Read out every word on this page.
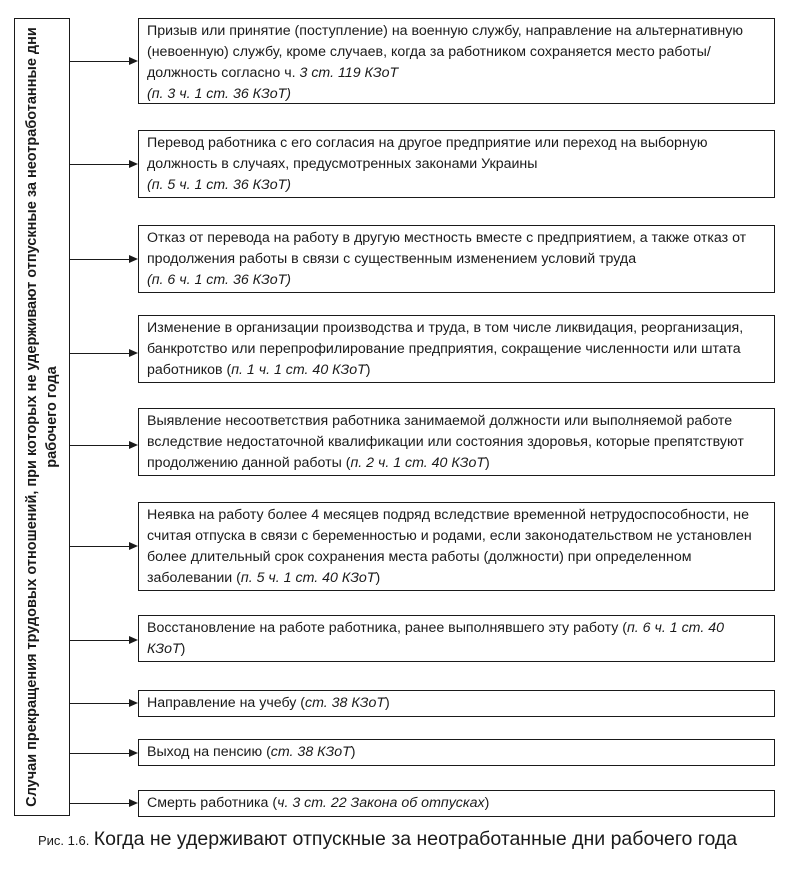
Случаи прекращения трудовых отношений, при которых не удерживают отпускные за неотработанные дни рабочего года
Призыв или принятие (поступление) на военную службу, направление на альтернативную (невоенную) службу, кроме случаев, когда за работником сохраняется место работы/должность согласно ч. 3 ст. 119 КЗоТ
(п. 3 ч. 1 ст. 36 КЗоТ)
Перевод работника с его согласия на другое предприятие или переход на выборную должность в случаях, предусмотренных законами Украины
(п. 5 ч. 1 ст. 36 КЗоТ)
Отказ от перевода на работу в другую местность вместе с предприятием, а также отказ от продолжения работы в связи с существенным изменением условий труда
(п. 6 ч. 1 ст. 36 КЗоТ)
Изменение в организации производства и труда, в том числе ликвидация, реорганизация, банкротство или перепрофилирование предприятия, сокращение численности или штата работников (п. 1 ч. 1 ст. 40 КЗоТ)
Выявление несоответствия работника занимаемой должности или выполняемой работе вследствие недостаточной квалификации или состояния здоровья, которые препятствуют продолжению данной работы (п. 2 ч. 1 ст. 40 КЗоТ)
Неявка на работу более 4 месяцев подряд вследствие временной нетрудоспособности, не считая отпуска в связи с беременностью и родами, если законодательством не установлен более длительный срок сохранения места работы (должности) при определенном заболевании (п. 5 ч. 1 ст. 40 КЗоТ)
Восстановление на работе работника, ранее выполнявшего эту работу (п. 6 ч. 1 ст. 40 КЗоТ)
Направление на учебу (ст. 38 КЗоТ)
Выход на пенсию (ст. 38 КЗоТ)
Смерть работника (ч. 3 ст. 22 Закона об отпусках)
Рис. 1.6. Когда не удерживают отпускные за неотработанные дни рабочего года
